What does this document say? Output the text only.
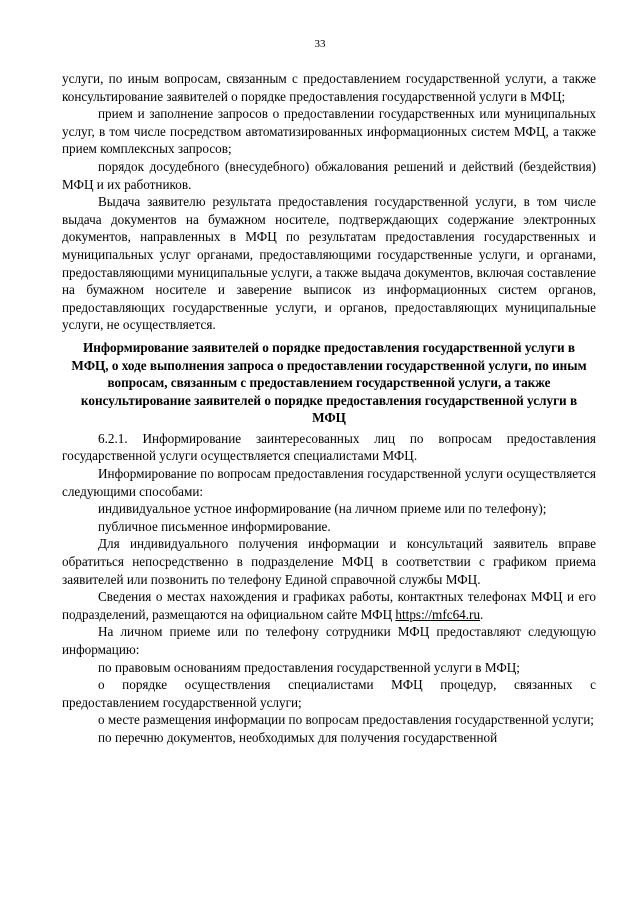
33

услуги, по иным вопросам, связанным с предоставлением государственной услуги, а также консультирование заявителей о порядке предоставления государственной услуги в МФЦ;

прием и заполнение запросов о предоставлении государственных или муниципальных услуг, в том числе посредством автоматизированных информационных систем МФЦ, а также прием комплексных запросов;

порядок досудебного (внесудебного) обжалования решений и действий (бездействия) МФЦ и их работников.

Выдача заявителю результата предоставления государственной услуги, в том числе выдача документов на бумажном носителе, подтверждающих содержание электронных документов, направленных в МФЦ по результатам предоставления государственных и муниципальных услуг органами, предоставляющими государственные услуги, и органами, предоставляющими муниципальные услуги, а также выдача документов, включая составление на бумажном носителе и заверение выписок из информационных систем органов, предоставляющих государственные услуги, и органов, предоставляющих муниципальные услуги, не осуществляется.

Информирование заявителей о порядке предоставления государственной услуги в МФЦ, о ходе выполнения запроса о предоставлении государственной услуги, по иным вопросам, связанным с предоставлением государственной услуги, а также консультирование заявителей о порядке предоставления государственной услуги в МФЦ

6.2.1. Информирование заинтересованных лиц по вопросам предоставления государственной услуги осуществляется специалистами МФЦ.

Информирование по вопросам предоставления государственной услуги осуществляется следующими способами:

индивидуальное устное информирование (на личном приеме или по телефону);

публичное письменное информирование.

Для индивидуального получения информации и консультаций заявитель вправе обратиться непосредственно в подразделение МФЦ в соответствии с графиком приема заявителей или позвонить по телефону Единой справочной службы МФЦ.

Сведения о местах нахождения и графиках работы, контактных телефонах МФЦ и его подразделений, размещаются на официальном сайте МФЦ https://mfc64.ru.

На личном приеме или по телефону сотрудники МФЦ предоставляют следующую информацию:

по правовым основаниям предоставления государственной услуги в МФЦ;

о порядке осуществления специалистами МФЦ процедур, связанных с предоставлением государственной услуги;

о месте размещения информации по вопросам предоставления государственной услуги;

по перечню документов, необходимых для получения государственной
